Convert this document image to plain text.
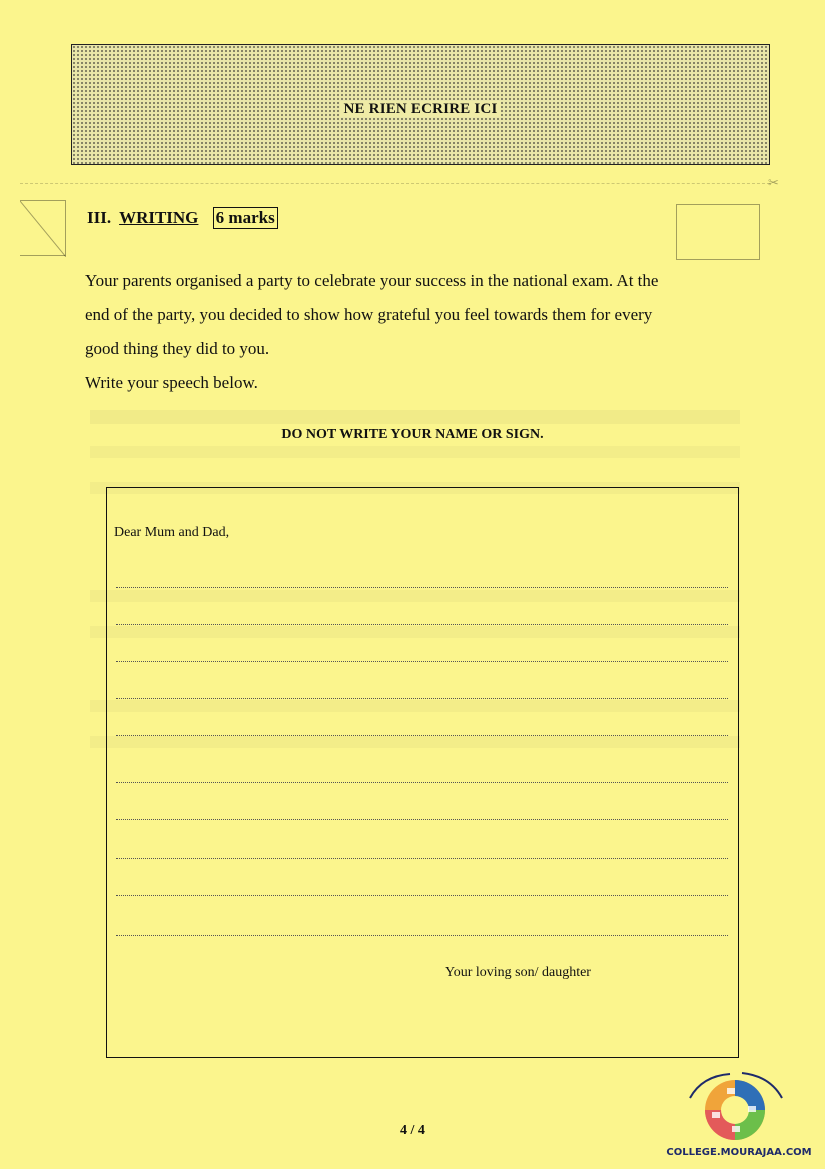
NE RIEN ECRIRE ICI
✂
III. WRITING 6 marks

Your parents organised a party to celebrate your success in the national exam. At the

end of the party, you decided to show how grateful you feel towards them for every

good thing they did to you.

Write your speech below.

DO NOT WRITE YOUR NAME OR SIGN.
Dear Mum and Dad,
Your loving son/ daughter
4 / 4
COLLEGE.MOURAJAA.COM
